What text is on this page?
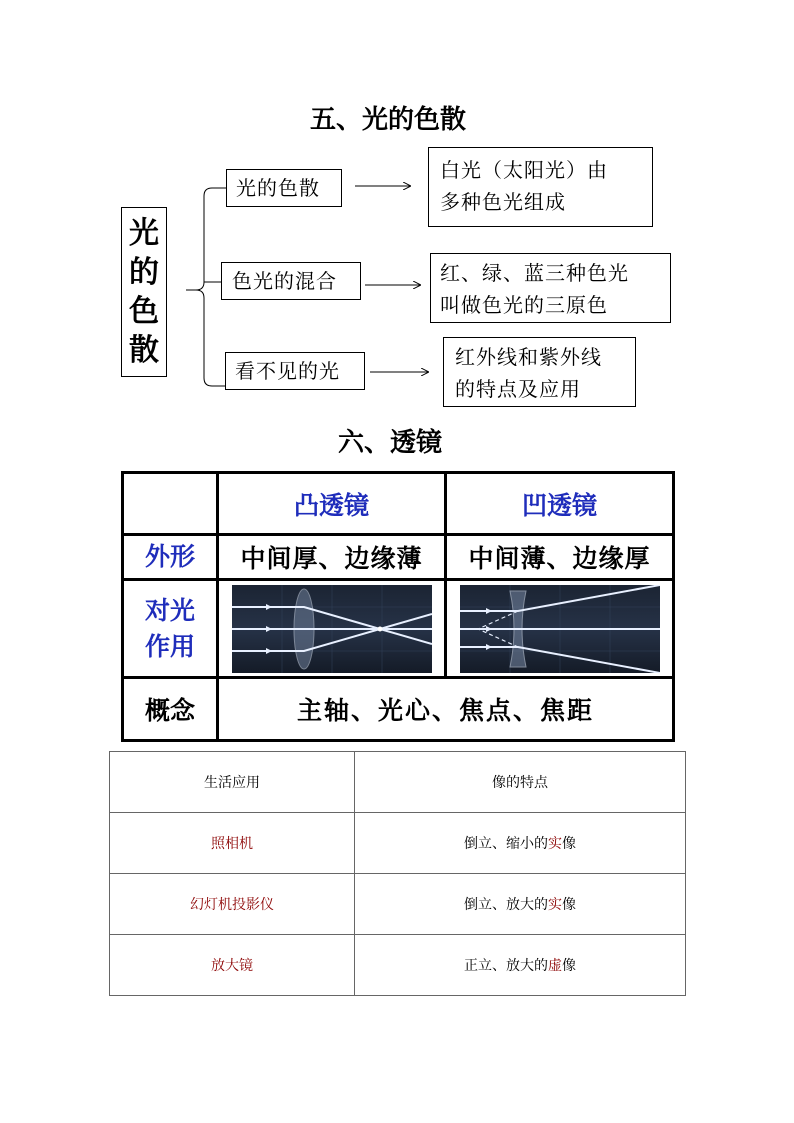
五、光的色散
光
的
色
散
光的色散
色光的混合
看不见的光
白光（太阳光）由
多种色光组成
红、绿、蓝三种色光
叫做色光的三原色
红外线和紫外线
的特点及应用
六、透镜
	凸透镜	凹透镜
外形	中间厚、边缘薄	中间薄、边缘厚

对光
作用

概念	主轴、光心、焦点、焦距	
生活应用	像的特点
照相机	倒立、缩小的实像
幻灯机投影仪	倒立、放大的实像
放大镜	正立、放大的虚像
